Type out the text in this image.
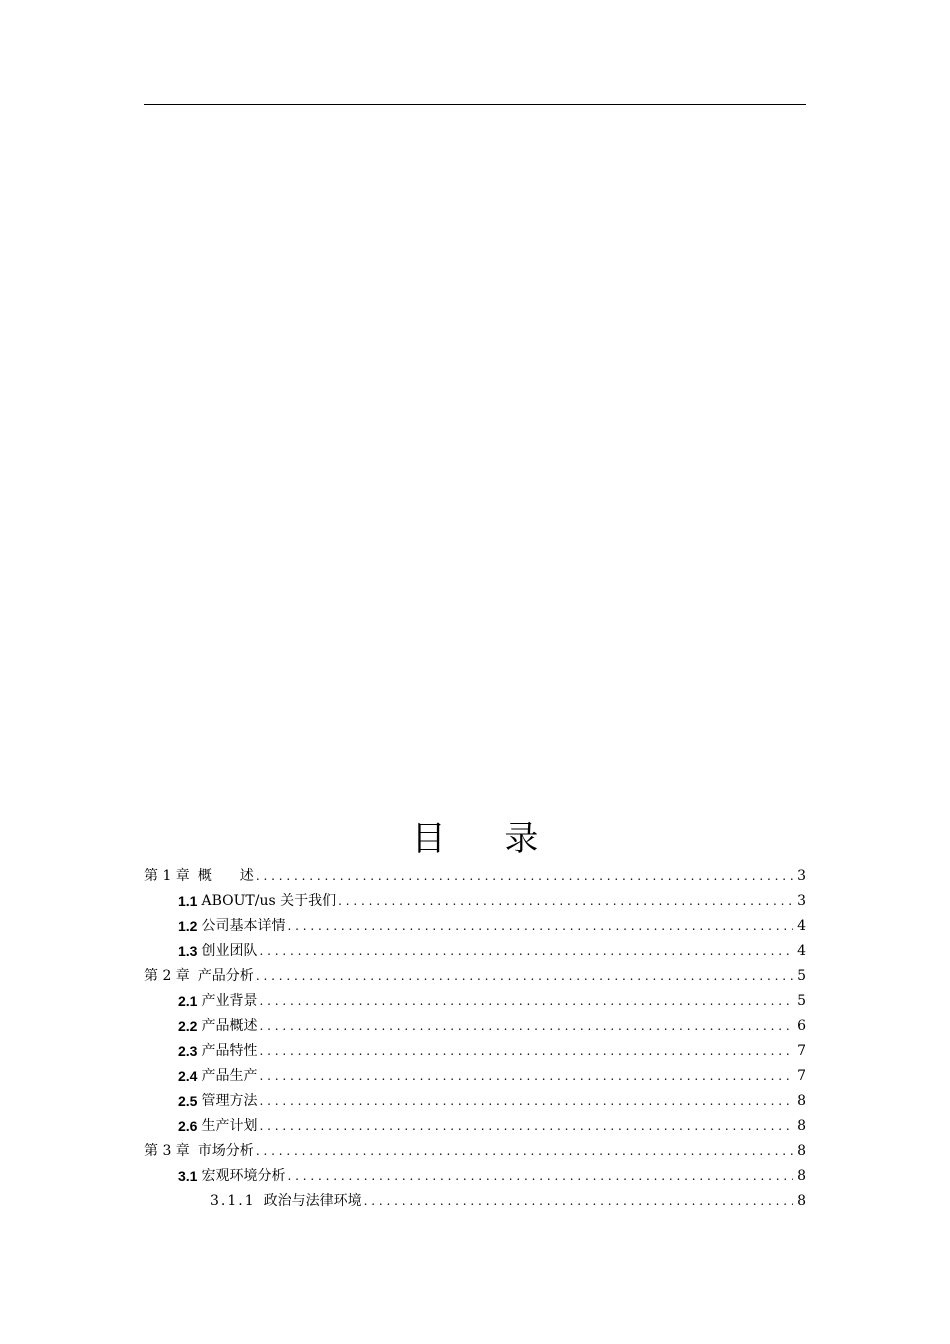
目 录
第 1 章 概　　述 . . .	3
1.1 ABOUT/us 关于我们 . . .	3
1.2 公司基本详情 . . .	4
1.3 创业团队 . . .	4
第 2 章 产品分析 . . .	5
2.1 产业背景 . . .	5
2.2 产品概述 . . .	6
2.3 产品特性 . . .	7
2.4 产品生产 . . .	7
2.5 管理方法 . . .	8
2.6 生产计划 . . .	8
第 3 章 市场分析 . . .	8
3.1 宏观环境分析 . . .	8
3.1.1 政治与法律环境 . . .	8
